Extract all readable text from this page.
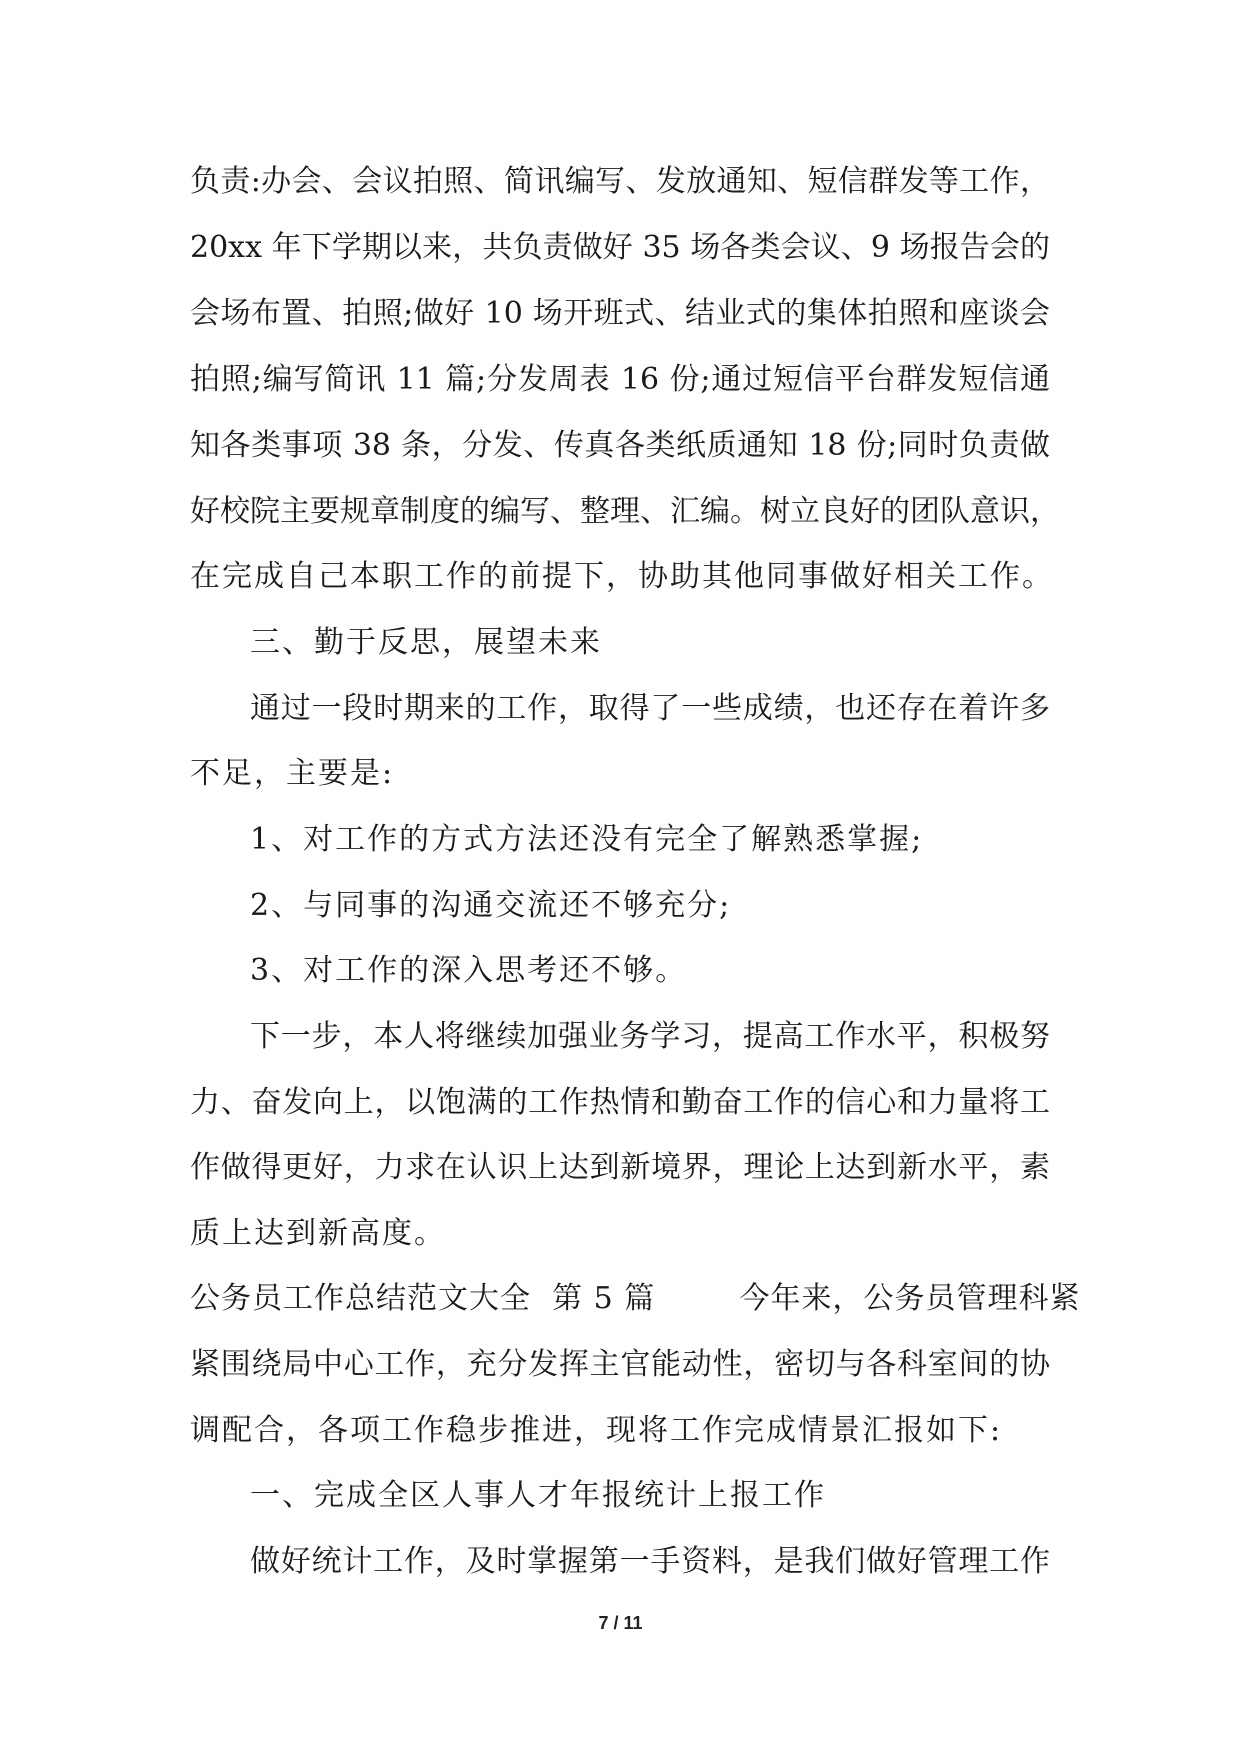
负责:办会、会议拍照、简讯编写、发放通知、短信群发等工作，
20xx 年下学期以来，共负责做好 35 场各类会议、9 场报告会的
会场布置、拍照;做好 10 场开班式、结业式的集体拍照和座谈会
拍照;编写简讯 11 篇;分发周表 16 份;通过短信平台群发短信通
知各类事项 38 条，分发、传真各类纸质通知 18 份;同时负责做
好校院主要规章制度的编写、整理、汇编。树立良好的团队意识，
在完成自己本职工作的前提下，协助其他同事做好相关工作。
三、勤于反思，展望未来
通过一段时期来的工作，取得了一些成绩，也还存在着许多
不足，主要是:
1、对工作的方式方法还没有完全了解熟悉掌握;
2、与同事的沟通交流还不够充分;
3、对工作的深入思考还不够。
下一步，本人将继续加强业务学习，提高工作水平，积极努
力、奋发向上，以饱满的工作热情和勤奋工作的信心和力量将工
作做得更好，力求在认识上达到新境界，理论上达到新水平，素
质上达到新高度。
公务员工作总结范文大全  第 5 篇        今年来，公务员管理科紧
紧围绕局中心工作，充分发挥主官能动性，密切与各科室间的协
调配合，各项工作稳步推进，现将工作完成情景汇报如下:
一、完成全区人事人才年报统计上报工作
做好统计工作，及时掌握第一手资料，是我们做好管理工作
7 / 11
